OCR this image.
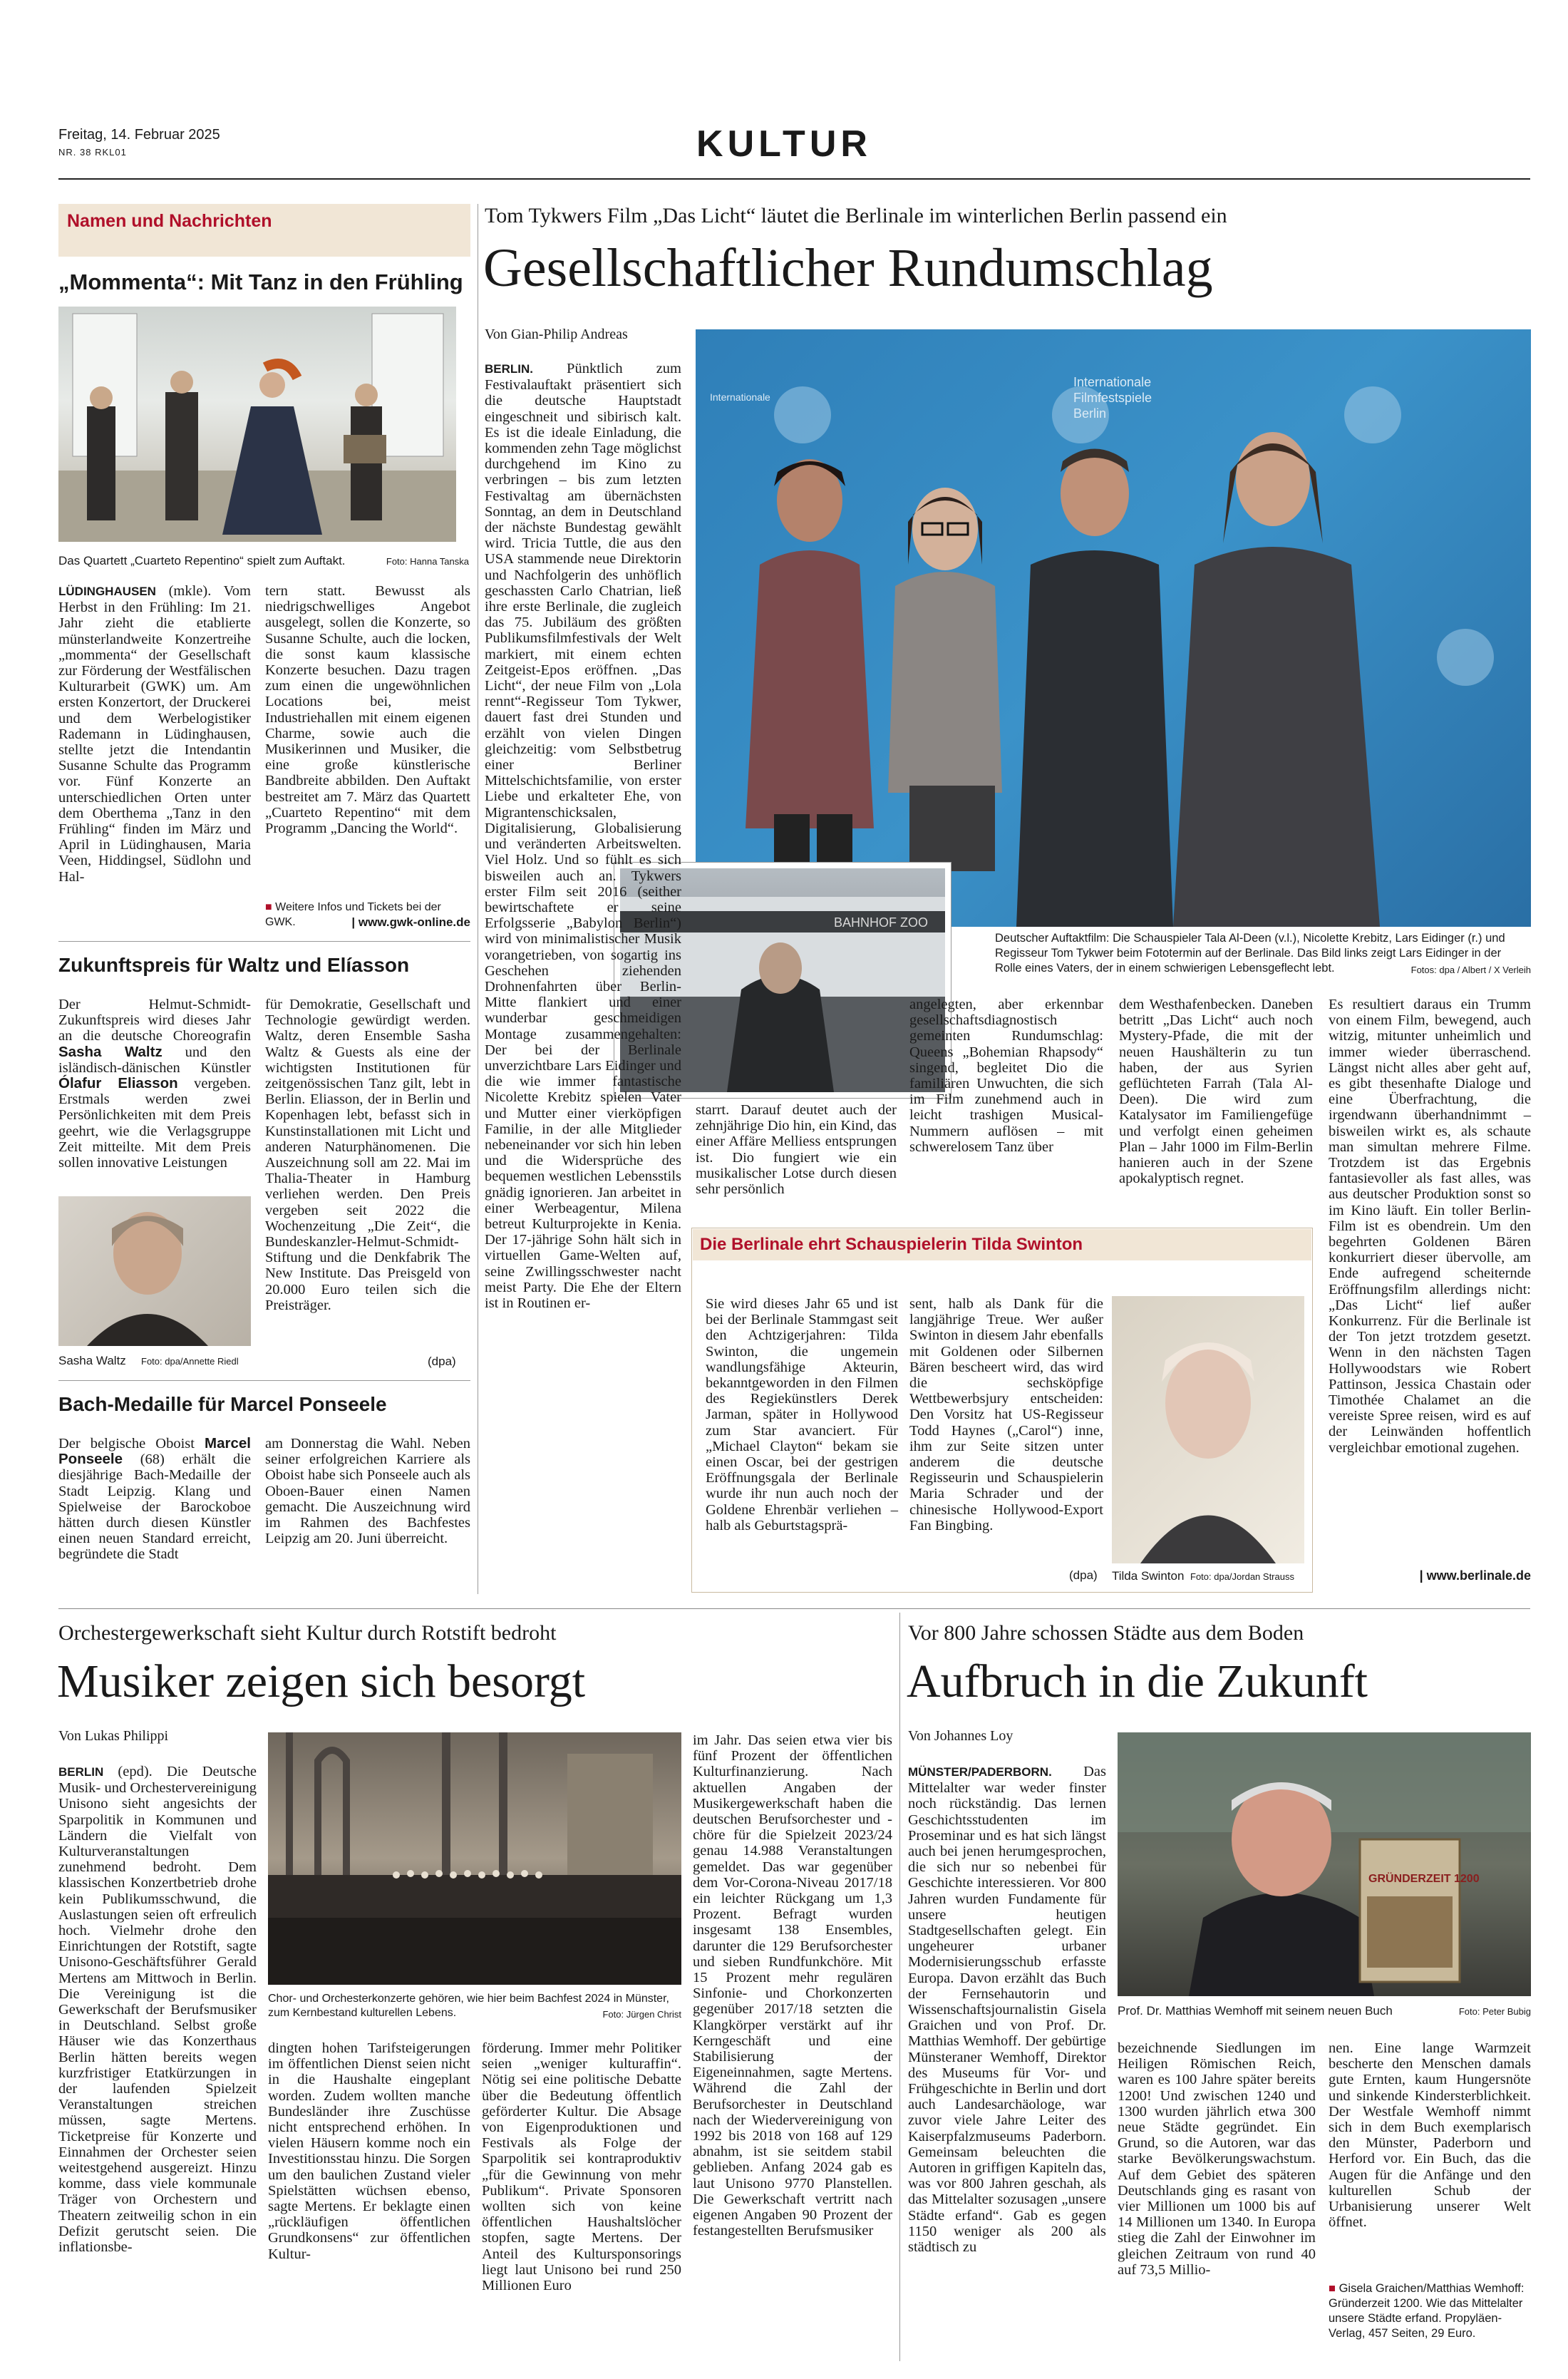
Freitag, 14. Februar 2025
NR. 38 RKL01	KULTUR
Namen und Nachrichten
„Mommenta“: Mit Tanz in den Frühling
Das Quartett „Cuarteto Repentino“ spielt zum Auftakt.	Foto: Hanna Tanska
LÜDINGHAUSEN (mkle). Vom Herbst in den Frühling: Im 21. Jahr zieht die etablierte münsterlandweite Konzertreihe „mommenta“ der Gesellschaft zur Förderung der Westfälischen Kulturarbeit (GWK) um. Am ersten Konzertort, der Druckerei und dem Werbelogistiker Rademann in Lüdinghausen, stellte jetzt die Intendantin Susanne Schulte das Programm vor. Fünf Konzerte an unterschiedlichen Orten unter dem Oberthema „Tanz in den Frühling“ finden im März und April in Lüdinghausen, Maria Veen, Hiddingsel, Südlohn und Hal-
tern statt. Bewusst als niedrigschwelliges Angebot ausgelegt, sollen die Konzerte, so Susanne Schulte, auch die locken, die sonst kaum klassische Konzerte besuchen. Dazu tragen zum einen die ungewöhnlichen Locations bei, meist Industriehallen mit einem eigenen Charme, sowie auch die Musikerinnen und Musiker, die eine große künstlerische Bandbreite abbilden. Den Auftakt bestreitet am 7. März das Quartett „Cuarteto Repentino“ mit dem Programm „Dancing the World“.
■ Weitere Infos und Tickets bei der GWK.	| www.gwk-online.de
Zukunftspreis für Waltz und Elíasson
Der Helmut-Schmidt-Zukunftspreis wird dieses Jahr an die deutsche Choreografin Sasha Waltz und den isländisch-dänischen Künstler Ólafur Eliasson vergeben. Erstmals werden zwei Persönlichkeiten mit dem Preis geehrt, wie die Verlagsgruppe Zeit mitteilte. Mit dem Preis sollen innovative Leistungen
Sasha Waltz	Foto: dpa/Annette Riedl
für Demokratie, Gesellschaft und Technologie gewürdigt werden. Waltz, deren Ensemble Sasha Waltz & Guests als eine der wichtigsten Institutionen für zeitgenössischen Tanz gilt, lebt in Berlin. Eliasson, der in Berlin und Kopenhagen lebt, befasst sich in Kunstinstallationen mit Licht und anderen Naturphänomenen. Die Auszeichnung soll am 22. Mai im Thalia-Theater in Hamburg verliehen werden. Den Preis vergeben seit 2022 die Wochenzeitung „Die Zeit“, die Bundeskanzler-Helmut-Schmidt-Stiftung und die Denkfabrik The New Institute. Das Preisgeld von 20.000 Euro teilen sich die Preisträger.
(dpa)
Bach-Medaille für Marcel Ponseele
Der belgische Oboist Marcel Ponseele (68) erhält die diesjährige Bach-Medaille der Stadt Leipzig. Klang und Spielweise der Barockoboe hätten durch diesen Künstler einen neuen Standard erreicht, begründete die Stadt
am Donnerstag die Wahl. Neben seiner erfolgreichen Karriere als Oboist habe sich Ponseele auch als Oboen-Bauer einen Namen gemacht. Die Auszeichnung wird im Rahmen des Bachfestes Leipzig am 20. Juni überreicht.
Tom Tykwers Film „Das Licht“ läutet die Berlinale im winterlichen Berlin passend ein
Gesellschaftlicher Rundumschlag
Von Gian-Philip Andreas
Internationale
Internationale
Filmfestspiele
Berlin
BAHNHOF ZOO
BERLIN. Pünktlich zum Festivalauftakt präsentiert sich die deutsche Hauptstadt eingeschneit und sibirisch kalt. Es ist die ideale Einladung, die kommenden zehn Tage möglichst durchgehend im Kino zu verbringen – bis zum letzten Festivaltag am übernächsten Sonntag, an dem in Deutschland der nächste Bundestag gewählt wird. Tricia Tuttle, die aus den USA stammende neue Direktorin und Nachfolgerin des unhöflich geschassten Carlo Chatrian, ließ ihre erste Berlinale, die zugleich das 75. Jubiläum des größten Publikumsfilmfestivals der Welt markiert, mit einem echten Zeitgeist-Epos eröffnen. „Das Licht“, der neue Film von „Lola rennt“-Regisseur Tom Tykwer, dauert fast drei Stunden und erzählt von vielen Dingen gleichzeitig: vom Selbstbetrug einer Berliner Mittelschichtsfamilie, von erster Liebe und erkalteter Ehe, von Migrantenschicksalen, Digitalisierung, Globalisierung und veränderten Arbeitswelten. Viel Holz. Und so fühlt es sich bisweilen auch an. Tykwers erster Film seit 2016 (seither bewirtschaftete er seine Erfolgsserie „Babylon Berlin“) wird von minimalistischer Musik vorangetrieben, von sogartig ins Geschehen ziehenden Drohnenfahrten über Berlin-Mitte flankiert und einer wunderbar geschmeidigen Montage zusammengehalten: Der bei der Berlinale unverzichtbare Lars Eidinger und die wie immer fantastische Nicolette Krebitz spielen Vater und Mutter einer vierköpfigen Familie, in der alle Mitglieder nebeneinander vor sich hin leben und die Widersprüche des bequemen westlichen Lebensstils gnädig ignorieren. Jan arbeitet in einer Werbeagentur, Milena betreut Kulturprojekte in Kenia. Der 17-jährige Sohn hält sich in virtuellen Game-Welten auf, seine Zwillingsschwester nacht meist Party. Die Ehe der Eltern ist in Routinen er-
starrt. Darauf deutet auch der zehnjährige Dio hin, ein Kind, das einer Affäre Melliess entsprungen ist. Dio fungiert wie ein musikalischer Lotse durch diesen sehr persönlich
angelegten, aber erkennbar gesellschaftsdiagnostisch gemeinten Rundumschlag: Queens „Bohemian Rhapsody“ singend, begleitet Dio die familiären Unwuchten, die sich im Film zunehmend auch in leicht trashigen Musical-Nummern auflösen – mit schwerelosem Tanz über
dem Westhafenbecken. Daneben betritt „Das Licht“ auch noch Mystery-Pfade, die mit der neuen Haushälterin zu tun haben, der aus Syrien geflüchteten Farrah (Tala Al-Deen). Die wird zum Katalysator im Familiengefüge und verfolgt einen geheimen Plan – Jahr 1000 im Film-Berlin hanieren auch in der Szene apokalyptisch regnet.
Es resultiert daraus ein Trumm von einem Film, bewegend, auch witzig, mitunter unheimlich und immer wieder überraschend. Längst nicht alles aber geht auf, es gibt thesenhafte Dialoge und eine Überfrachtung, die irgendwann überhandnimmt – bisweilen wirkt es, als schaute man simultan mehrere Filme. Trotzdem ist das Ergebnis fantasievoller als fast alles, was aus deutscher Produktion sonst so im Kino läuft. Ein toller Berlin-Film ist es obendrein. Um den begehrten Goldenen Bären konkurriert dieser übervolle, am Ende aufregend scheiternde Eröffnungsfilm allerdings nicht: „Das Licht“ lief außer Konkurrenz. Für die Berlinale ist der Ton jetzt trotzdem gesetzt. Wenn in den nächsten Tagen Hollywoodstars wie Robert Pattinson, Jessica Chastain oder Timothée Chalamet an die vereiste Spree reisen, wird es auf der Leinwänden hoffentlich vergleichbar emotional zugehen.
| www.berlinale.de
Deutscher Auftaktfilm: Die Schauspieler Tala Al-Deen (v.l.), Nicolette Krebitz, Lars Eidinger (r.) und Regisseur Tom Tykwer beim Fototermin auf der Berlinale. Das Bild links zeigt Lars Eidinger in der Rolle eines Vaters, der in einem schwierigen Lebensgeflecht lebt.	Fotos: dpa / Albert / X Verleih
Die Berlinale ehrt Schauspielerin Tilda Swinton
Sie wird dieses Jahr 65 und ist bei der Berlinale Stammgast seit den Achtzigerjahren: Tilda Swinton, die ungemein wandlungsfähige Akteurin, bekanntgeworden in den Filmen des Regiekünstlers Derek Jarman, später in Hollywood zum Star avanciert. Für „Michael Clayton“ bekam sie einen Oscar, bei der gestrigen Eröffnungsgala der Berlinale wurde ihr nun auch noch der Goldene Ehrenbär verliehen – halb als Geburtstagsprä-
sent, halb als Dank für die langjährige Treue. Wer außer Swinton in diesem Jahr ebenfalls mit Goldenen oder Silbernen Bären bescheert wird, das wird die sechsköpfige Wettbewerbsjury entscheiden: Den Vorsitz hat US-Regisseur Todd Haynes („Carol“) inne, ihm zur Seite sitzen unter anderem die deutsche Regisseurin und Schauspielerin Maria Schrader und der chinesische Hollywood-Export Fan Bingbing.
(dpa) Tilda Swinton Foto: dpa/Jordan Strauss
Orchestergewerkschaft sieht Kultur durch Rotstift bedroht
Musiker zeigen sich besorgt
Von Lukas Philippi
BERLIN (epd). Die Deutsche Musik- und Orchestervereinigung Unisono sieht angesichts der Sparpolitik in Kommunen und Ländern die Vielfalt von Kulturveranstaltungen zunehmend bedroht. Dem klassischen Konzertbetrieb drohe kein Publikumsschwund, die Auslastungen seien oft erfreulich hoch. Vielmehr drohe den Einrichtungen der Rotstift, sagte Unisono-Geschäftsführer Gerald Mertens am Mittwoch in Berlin. Die Vereinigung ist die Gewerkschaft der Berufsmusiker in Deutschland. Selbst große Häuser wie das Konzerthaus Berlin hätten bereits wegen kurzfristiger Etatkürzungen in der laufenden Spielzeit Veranstaltungen streichen müssen, sagte Mertens. Ticketpreise für Konzerte und Einnahmen der Orchester seien weitestgehend ausgereizt. Hinzu komme, dass viele kommunale Träger von Orchestern und Theatern zeitweilig schon in ein Defizit gerutscht seien. Die inflationsbe-
Chor- und Orchesterkonzerte gehören, wie hier beim Bachfest 2024 in Münster, zum Kernbestand kulturellen Lebens.	Foto: Jürgen Christ
dingten hohen Tarifsteigerungen im öffentlichen Dienst seien nicht in die Haushalte eingeplant worden. Zudem wollten manche Bundesländer ihre Zuschüsse nicht entsprechend erhöhen. In vielen Häusern komme noch ein Investitionsstau hinzu. Die Sorgen um den baulichen Zustand vieler Spielstätten wüchsen ebenso, sagte Mertens. Er beklagte einen „rückläufigen öffentlichen Grundkonsens“ zur öffentlichen Kultur-
förderung. Immer mehr Politiker seien „weniger kulturaffin“. Nötig sei eine politische Debatte über die Bedeutung öffentlich geförderter Kultur. Die Absage von Eigenproduktionen und Festivals als Folge der Sparpolitik sei kontraproduktiv „für die Gewinnung von mehr Publikum“. Private Sponsoren wollten sich von keine öffentlichen Haushaltslöcher stopfen, sagte Mertens. Der Anteil des Kultursponsorings liegt laut Unisono bei rund 250 Millionen Euro
im Jahr. Das seien etwa vier bis fünf Prozent der öffentlichen Kulturfinanzierung. Nach aktuellen Angaben der Musikergewerkschaft haben die deutschen Berufsorchester und -chöre für die Spielzeit 2023/24 genau 14.988 Veranstaltungen gemeldet. Das war gegenüber dem Vor-Corona-Niveau 2017/18 ein leichter Rückgang um 1,3 Prozent. Befragt wurden insgesamt 138 Ensembles, darunter die 129 Berufsorchester und sieben Rundfunkchöre. Mit 15 Prozent mehr regulären Sinfonie- und Chorkonzerten gegenüber 2017/18 setzten die Klangkörper verstärkt auf ihr Kerngeschäft und eine Stabilisierung der Eigeneinnahmen, sagte Mertens. Während die Zahl der Berufsorchester in Deutschland nach der Wiedervereinigung von 1992 bis 2018 von 168 auf 129 abnahm, ist sie seitdem stabil geblieben. Anfang 2024 gab es laut Unisono 9770 Planstellen. Die Gewerkschaft vertritt nach eigenen Angaben 90 Prozent der festangestellten Berufsmusiker
Vor 800 Jahre schossen Städte aus dem Boden
Aufbruch in die Zukunft
Von Johannes Loy
MÜNSTER/PADERBORN. Das Mittelalter war weder finster noch rückständig. Das lernen Geschichtsstudenten im Proseminar und es hat sich längst auch bei jenen herumgesprochen, die sich nur so nebenbei für Geschichte interessieren. Vor 800 Jahren wurden Fundamente für unsere heutigen Stadtgesellschaften gelegt. Ein ungeheurer urbaner Modernisierungsschub erfasste Europa. Davon erzählt das Buch der Fernsehautorin und Wissenschaftsjournalistin Gisela Graichen und von Prof. Dr. Matthias Wemhoff. Der gebürtige Münsteraner Wemhoff, Direktor des Museums für Vor- und Frühgeschichte in Berlin und dort auch Landesarchäologe, war zuvor viele Jahre Leiter des Kaiserpfalzmuseums Paderborn. Gemeinsam beleuchten die Autoren in griffigen Kapiteln das, was vor 800 Jahren geschah, als das Mittelalter sozusagen „unsere Städte erfand“. Gab es gegen 1150 weniger als 200 als städtisch zu
GRÜNDERZEIT 1200
Prof. Dr. Matthias Wemhoff mit seinem neuen Buch	Foto: Peter Bubig
bezeichnende Siedlungen im Heiligen Römischen Reich, waren es 100 Jahre später bereits 1200! Und zwischen 1240 und 1300 wurden jährlich etwa 300 neue Städte gegründet. Ein Grund, so die Autoren, war das starke Bevölkerungswachstum. Auf dem Gebiet des späteren Deutschlands ging es rasant von vier Millionen um 1000 bis auf 14 Millionen um 1340. In Europa stieg die Zahl der Einwohner im gleichen Zeitraum von rund 40 auf 73,5 Millio-
nen. Eine lange Warmzeit bescherte den Menschen damals gute Ernten, kaum Hungersnöte und sinkende Kindersterblichkeit. Der Westfale Wemhoff nimmt sich in dem Buch exemplarisch den Münster, Paderborn und Herford vor. Ein Buch, das die Augen für die Anfänge und den kulturellen Schub der Urbanisierung unserer Welt öffnet.
■ Gisela Graichen/Matthias Wemhoff: Gründerzeit 1200. Wie das Mittelalter unsere Städte erfand. Propyläen-Verlag, 457 Seiten, 29 Euro.
